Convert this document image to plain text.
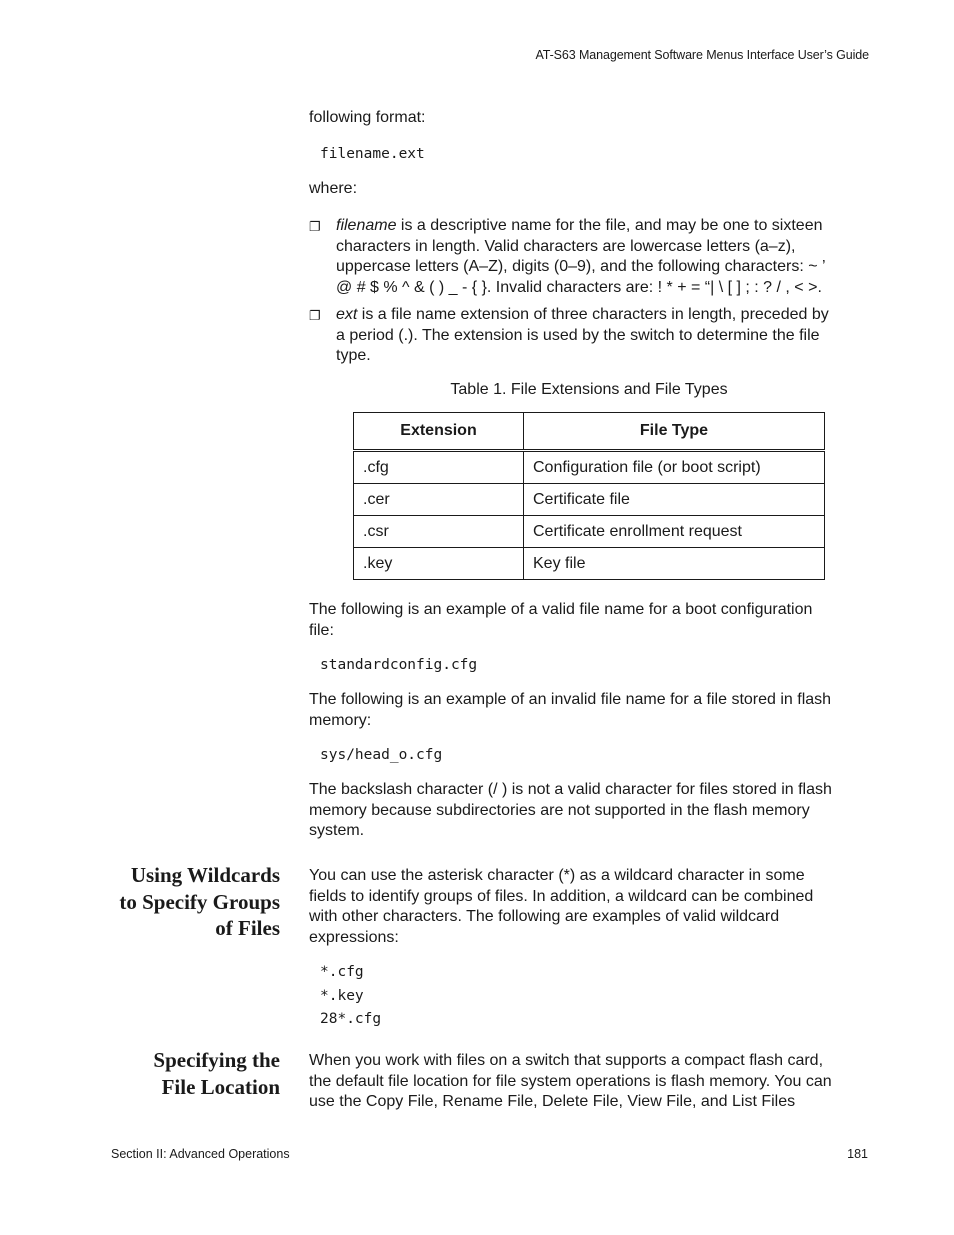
AT-S63 Management Software Menus Interface User’s Guide
following format:
filename.ext
where:
❐ filename is a descriptive name for the file, and may be one to sixteen
characters in length. Valid characters are lowercase letters (a–z),
uppercase letters (A–Z), digits (0–9), and the following characters: ~ ’
@ # $ % ^ & ( ) _ - { }. Invalid characters are: ! * + = “| \ [ ] ; : ? / , < >.
❐ ext is a file name extension of three characters in length, preceded by
a period (.). The extension is used by the switch to determine the file
type.
Table 1. File Extensions and File Types
Extension	File Type
.cfg	Configuration file (or boot script)
.cer	Certificate file
.csr	Certificate enrollment request
.key	Key file
The following is an example of a valid file name for a boot configuration
file:
standardconfig.cfg
The following is an example of an invalid file name for a file stored in flash
memory:
sys/head_o.cfg
The backslash character (/ ) is not a valid character for files stored in flash
memory because subdirectories are not supported in the flash memory
system.
Using Wildcards
to Specify Groups
of Files
You can use the asterisk character (*) as a wildcard character in some
fields to identify groups of files. In addition, a wildcard can be combined
with other characters. The following are examples of valid wildcard
expressions:
*.cfg
*.key
28*.cfg
Specifying the
File Location
When you work with files on a switch that supports a compact flash card,
the default file location for file system operations is flash memory. You can
use the Copy File, Rename File, Delete File, View File, and List Files
Section II: Advanced Operations	181
